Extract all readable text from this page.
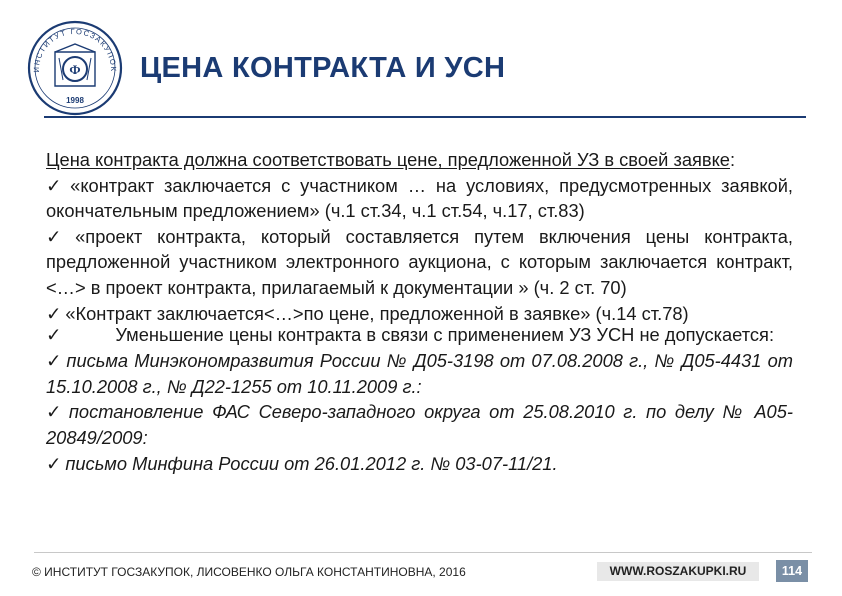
ИНСТИТУТ ГОСЗАКУПОК
Ф
1998
ЦЕНА КОНТРАКТА И УСН

Цена контракта должна соответствовать цене, предложенной УЗ в своей заявке:

✓ «контракт заключается с участником … на условиях, предусмотренных заявкой, окончательным предложением» (ч.1 ст.34, ч.1 ст.54, ч.17, ст.83)

✓ «проект контракта, который составляется путем включения цены контракта, предложенной участником электронного аукциона, с которым заключается контракт, <…> в проект контракта, прилагаемый к документации » (ч. 2 ст. 70)

✓ «Контракт заключается<…>по цене, предложенной в заявке» (ч.14 ст.78)

✓	Уменьшение цены контракта в связи с применением УЗ УСН не допускается:

✓ письма Минэкономразвития России № Д05-3198 от 07.08.2008 г., № Д05-4431 от 15.10.2008 г., № Д22-1255 от 10.11.2009 г.:

✓ постановление ФАС Северо-западного округа от 25.08.2010 г. по делу № А05-20849/2009:

✓ письмо Минфина России от 26.01.2012 г. № 03-07-11/21.

© ИНСТИТУТ ГОСЗАКУПОК, ЛИСОВЕНКО ОЛЬГА КОНСТАНТИНОВНА, 2016	WWW.ROSZAKUPKI.RU	114
